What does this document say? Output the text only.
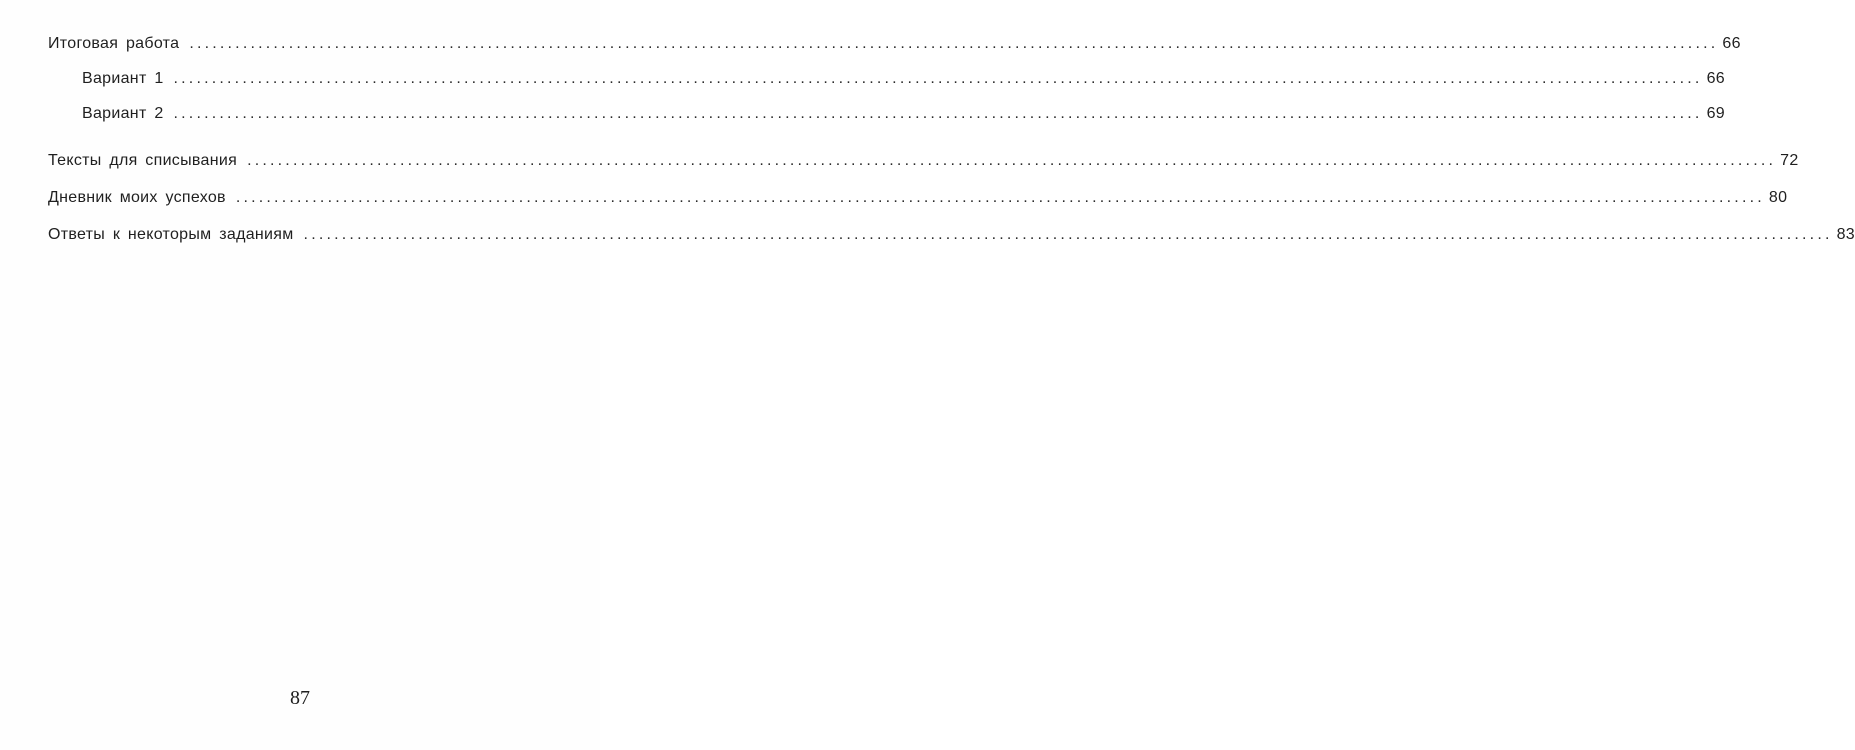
Итоговая работа ........................................................................................................................................................................................................ 66
Вариант 1 ........................................................................................................................................................................................................ 66
Вариант 2 ........................................................................................................................................................................................................ 69
Тексты для списывания ........................................................................................................................................................................................................ 72
Дневник моих успехов ........................................................................................................................................................................................................ 80
Ответы к некоторым заданиям ........................................................................................................................................................................................................ 83
87
